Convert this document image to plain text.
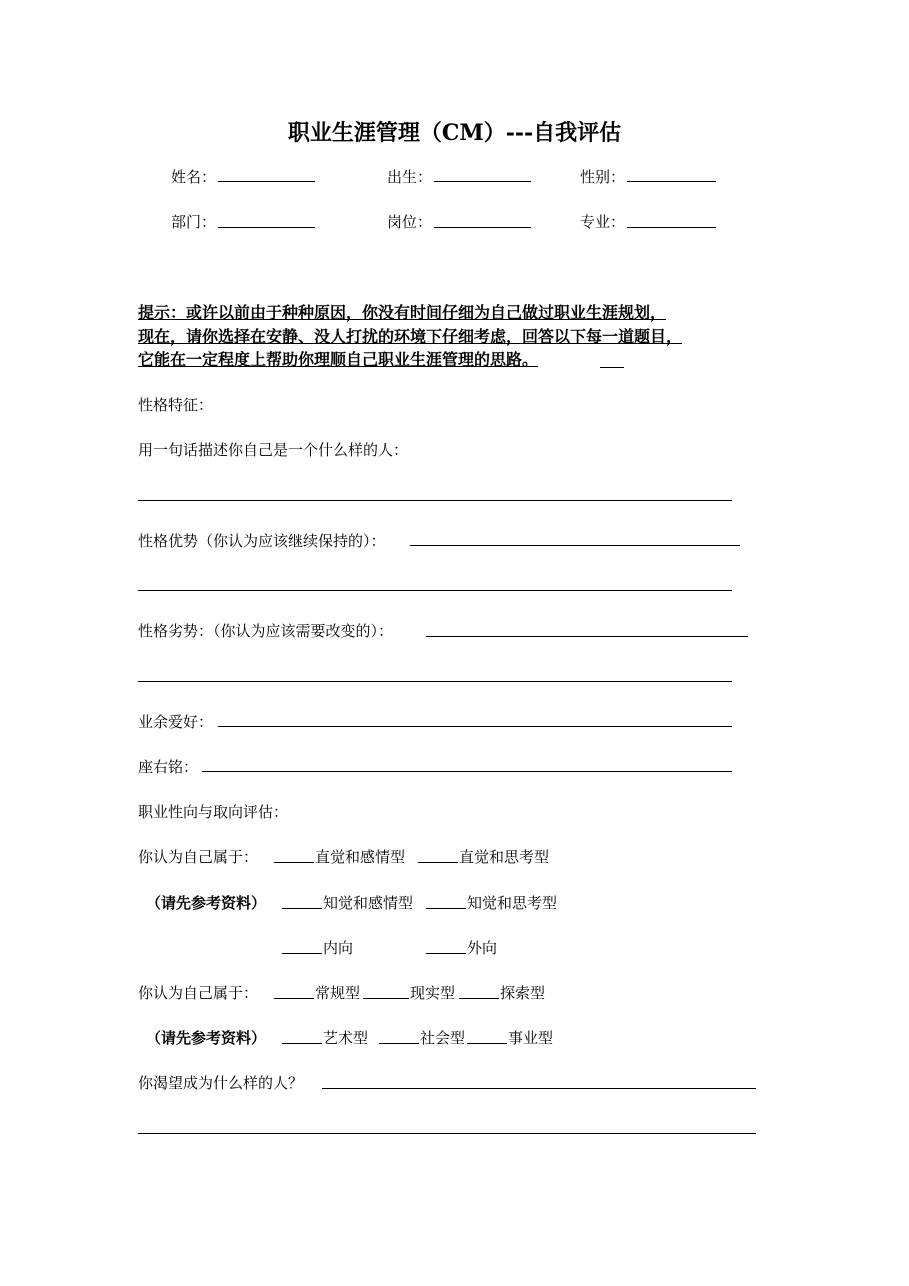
职业生涯管理（CM）---自我评估
姓名：	出生：	性别：
部门：	岗位：	专业：
提示：或许以前由于种种原因，你没有时间仔细为自己做过职业生涯规划，
现在，请你选择在安静、没人打扰的环境下仔细考虑，回答以下每一道题目，
它能在一定程度上帮助你理顺自己职业生涯管理的思路。
性格特征：
用一句话描述你自己是一个什么样的人：
性格优势（你认为应该继续保持的）：
性格劣势：（你认为应该需要改变的）：
业余爱好：
座右铭：
职业性向与取向评估：
你认为自己属于：	直觉和感情型	直觉和思考型
（请先参考资料）	知觉和感情型	知觉和思考型
内向	外向
你认为自己属于：	常规型	现实型	探索型
（请先参考资料）	艺术型	社会型	事业型
你渴望成为什么样的人？
